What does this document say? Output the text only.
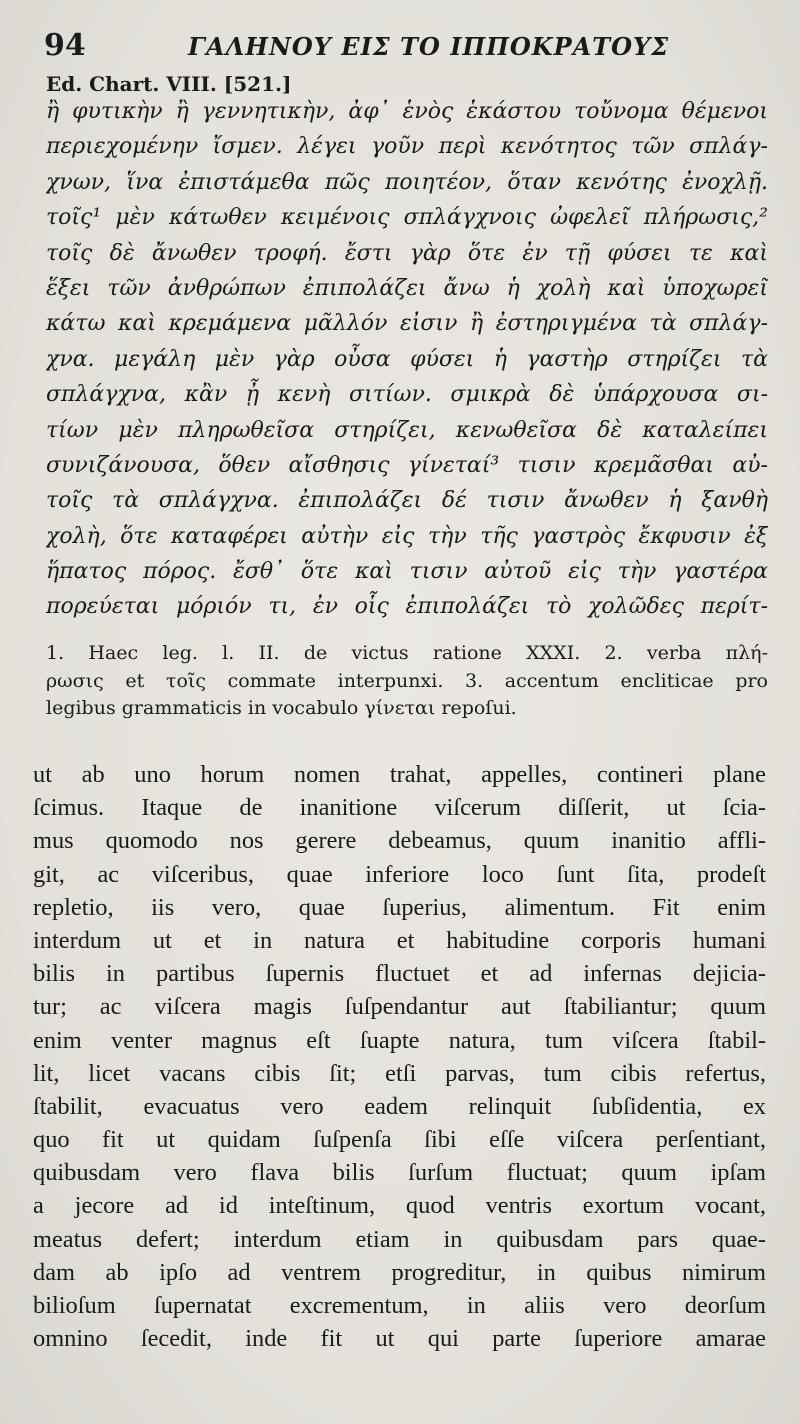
94	ΓΑΛΗΝΟΥ ΕΙΣ ΤΟ ΙΠΠΟΚΡΑΤΟΥΣ
Ed. Chart. VIII. [521.]
ἢ φυτικὴν ἢ γεννητικὴν, ἀφ᾿ ἑνὸς ἑκάστου τοὔνομα θέμενοι
περιεχομένην ἴσμεν. λέγει γοῦν περὶ κενότητος τῶν σπλάγ-
χνων, ἵνα ἐπιστάμεθα πῶς ποιητέον, ὅταν κενότης ἐνοχλῇ.
τοῖς¹ μὲν κάτωθεν κειμένοις σπλάγχνοις ὠφελεῖ πλήρωσις,²
τοῖς δὲ ἄνωθεν τροφή. ἔστι γὰρ ὅτε ἐν τῇ φύσει τε καὶ
ἕξει τῶν ἀνθρώπων ἐπιπολάζει ἄνω ἡ χολὴ καὶ ὑποχωρεῖ
κάτω καὶ κρεμάμενα μᾶλλόν εἰσιν ἢ ἐστηριγμένα τὰ σπλάγ-
χνα. μεγάλη μὲν γὰρ οὖσα φύσει ἡ γαστὴρ στηρίζει τὰ
σπλάγχνα, κἂν ᾖ κενὴ σιτίων. σμικρὰ δὲ ὑπάρχουσα σι-
τίων μὲν πληρωθεῖσα στηρίζει, κενωθεῖσα δὲ καταλείπει
συνιζάνουσα, ὅθεν αἴσθησις γίνεταί³ τισιν κρεμᾶσθαι αὐ-
τοῖς τὰ σπλάγχνα. ἐπιπολάζει δέ τισιν ἄνωθεν ἡ ξανθὴ
χολὴ, ὅτε καταφέρει αὐτὴν εἰς τὴν τῆς γαστρὸς ἔκφυσιν ἐξ
ἥπατος πόρος. ἔσθ᾿ ὅτε καὶ τισιν αὐτοῦ εἰς τὴν γαστέρα
πορεύεται μόριόν τι, ἐν οἷς ἐπιπολάζει τὸ χολῶδες περίτ-
1. Haec leg. l. II. de victus ratione XXXI. 2. verba πλή-
ρωσις et τοῖς commate interpunxi. 3. accentum encliticae pro
legibus grammaticis in vocabulo γίνεται repoſui.
ut ab uno horum nomen trahat, appelles, contineri plane
ſcimus. Itaque de inanitione viſcerum diſſerit, ut ſcia-
mus quomodo nos gerere debeamus, quum inanitio affli-
git, ac viſceribus, quae inferiore loco ſunt ſita, prodeſt
repletio, iis vero, quae ſuperius, alimentum. Fit enim
interdum ut et in natura et habitudine corporis humani
bilis in partibus ſupernis fluctuet et ad infernas dejicia-
tur; ac viſcera magis ſuſpendantur aut ſtabiliantur; quum
enim venter magnus eſt ſuapte natura, tum viſcera ſtabil-
lit, licet vacans cibis ſit; etſi parvas, tum cibis refertus,
ſtabilit, evacuatus vero eadem relinquit ſubſidentia, ex
quo fit ut quidam ſuſpenſa ſibi eſſe viſcera perſentiant,
quibusdam vero flava bilis ſurſum fluctuat; quum ipſam
a jecore ad id inteſtinum, quod ventris exortum vocant,
meatus defert; interdum etiam in quibusdam pars quae-
dam ab ipſo ad ventrem progreditur, in quibus nimirum
bilioſum ſupernatat excrementum, in aliis vero deorſum
omnino ſecedit, inde fit ut qui parte ſuperiore amarae
